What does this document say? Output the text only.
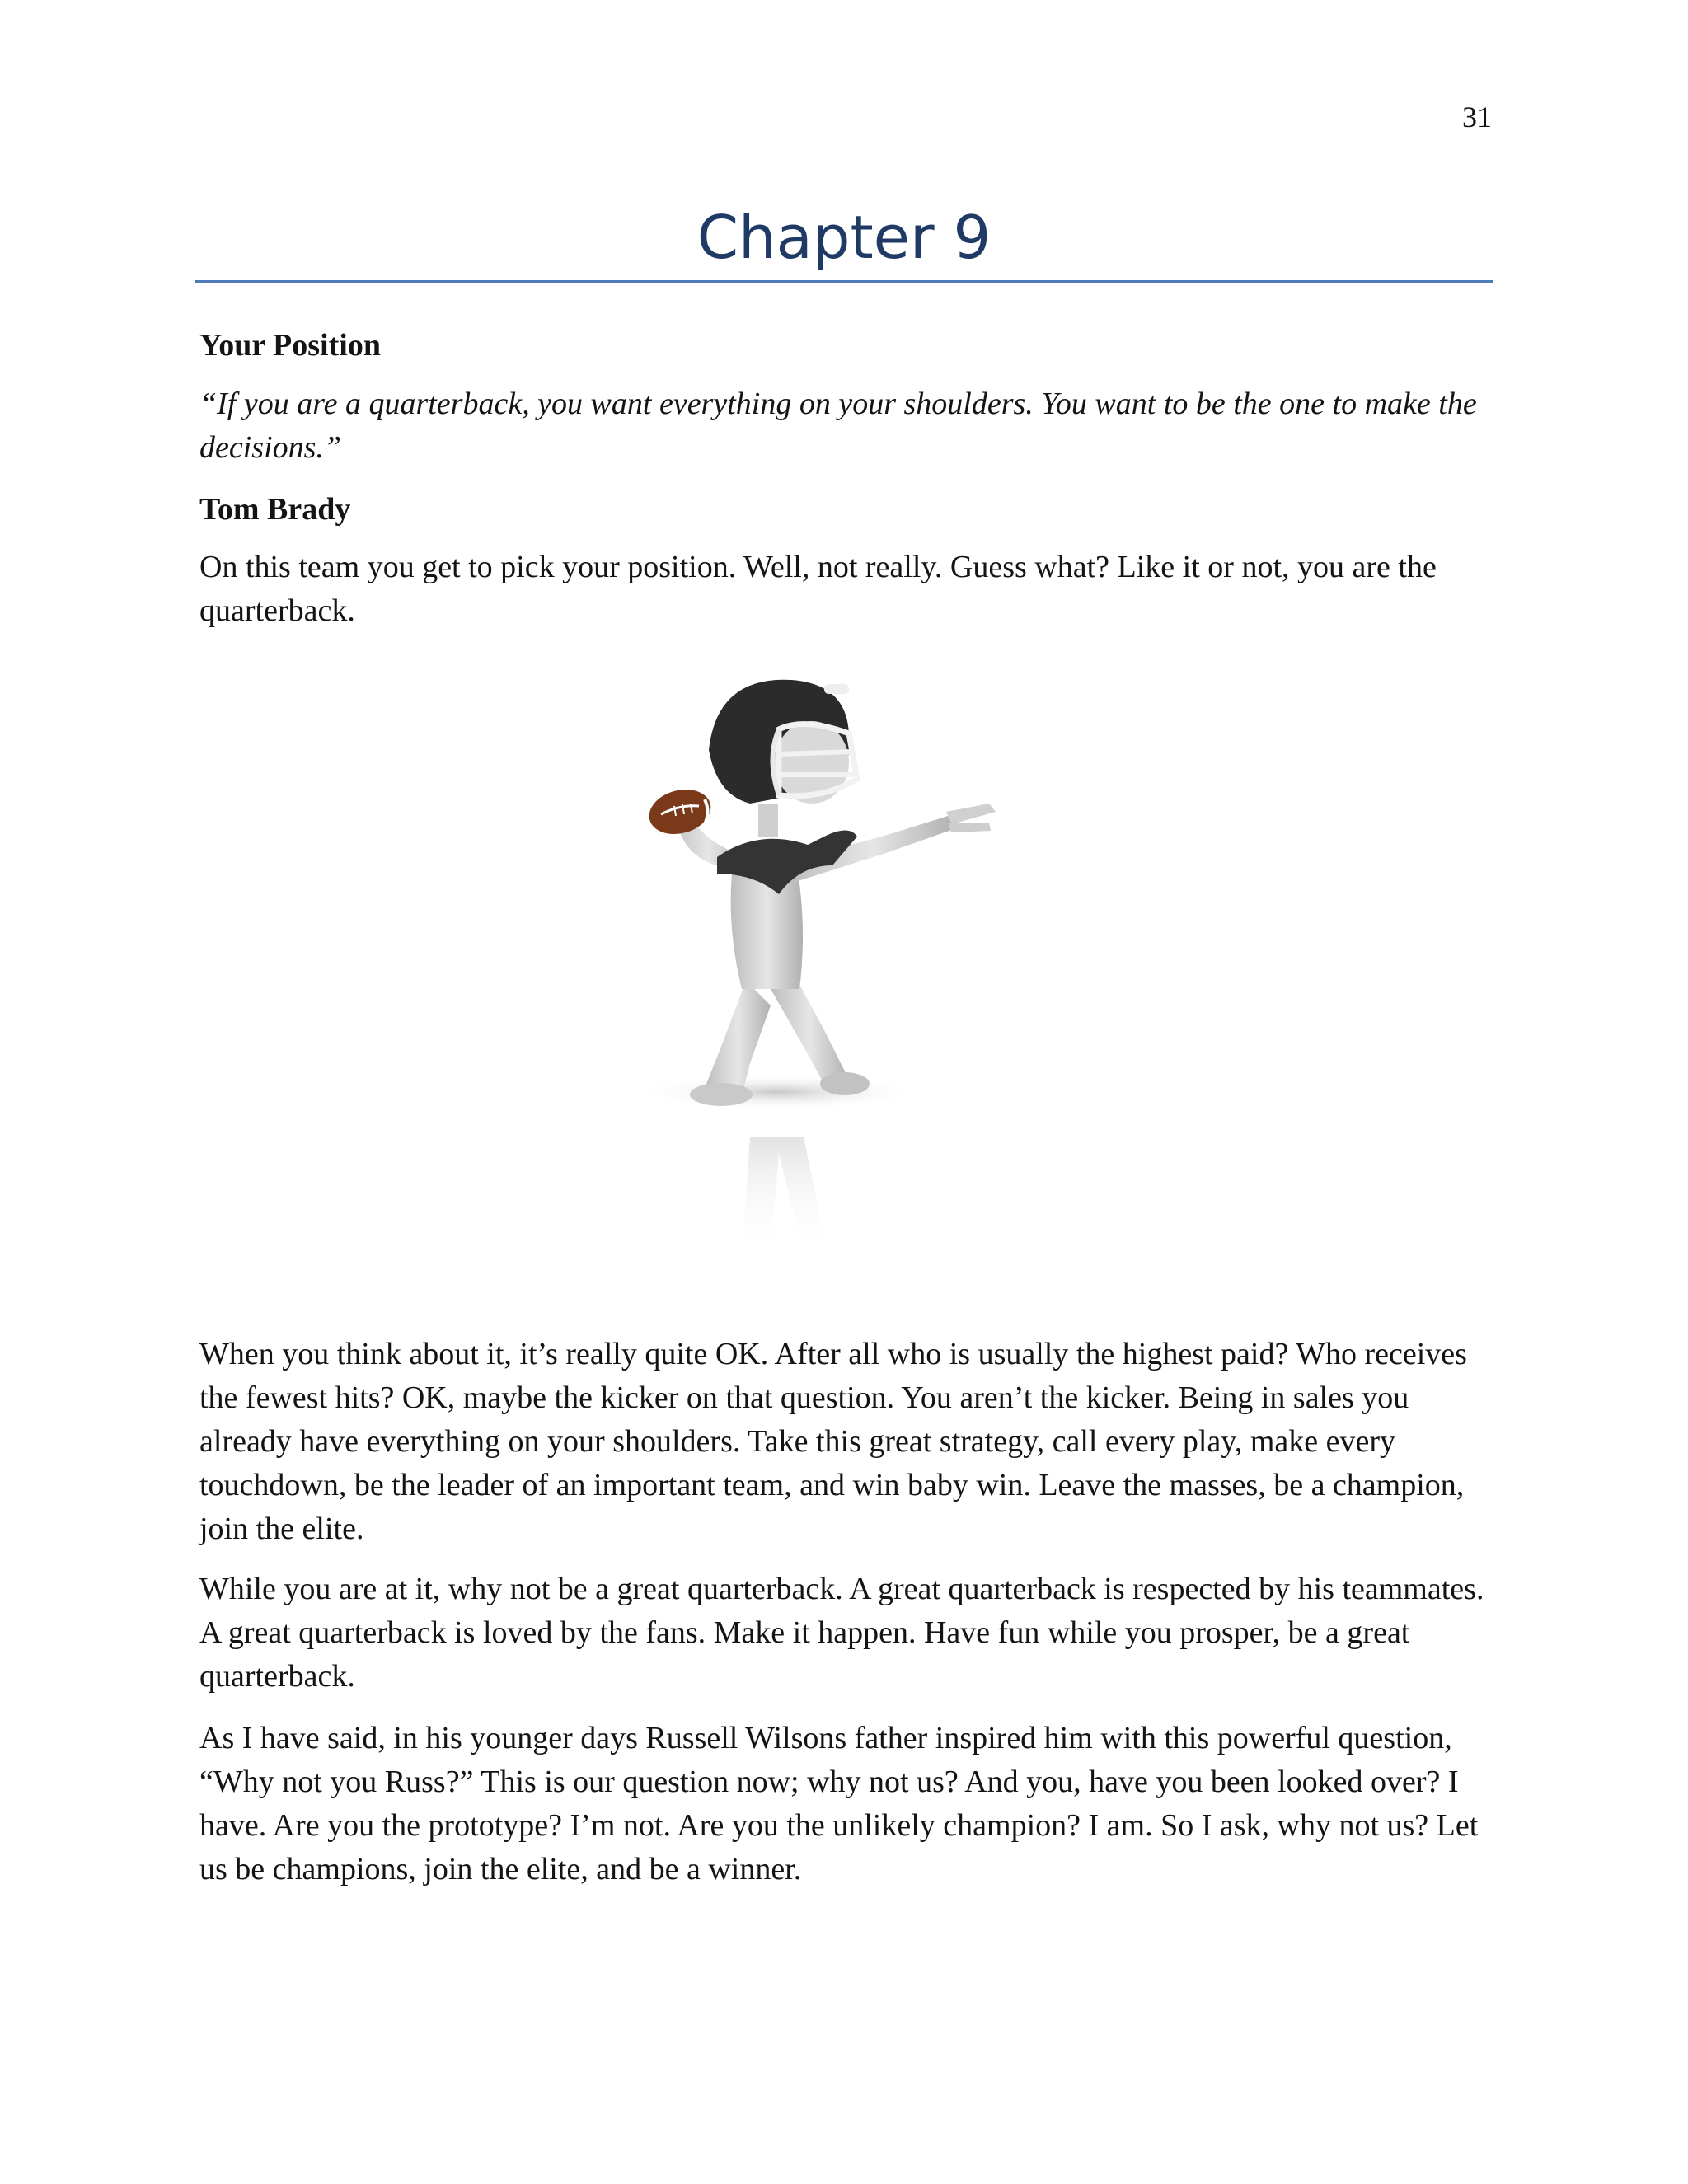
31
Chapter 9
Your Position
“If you are a quarterback, you want everything on your shoulders. You want to be the one to make the decisions.”
Tom Brady
On this team you get to pick your position. Well, not really. Guess what? Like it or not, you are the quarterback.
When you think about it, it’s really quite OK. After all who is usually the highest paid? Who receives the fewest hits? OK, maybe the kicker on that question. You aren’t the kicker. Being in sales you already have everything on your shoulders. Take this great strategy, call every play, make every touchdown, be the leader of an important team, and win baby win. Leave the masses, be a champion, join the elite.
While you are at it, why not be a great quarterback. A great quarterback is respected by his teammates. A great quarterback is loved by the fans. Make it happen. Have fun while you prosper, be a great quarterback.
As I have said, in his younger days Russell Wilsons father inspired him with this powerful question, “Why not you Russ?” This is our question now; why not us? And you, have you been looked over? I have. Are you the prototype? I’m not. Are you the unlikely champion? I am. So I ask, why not us? Let us be champions, join the elite, and be a winner.
